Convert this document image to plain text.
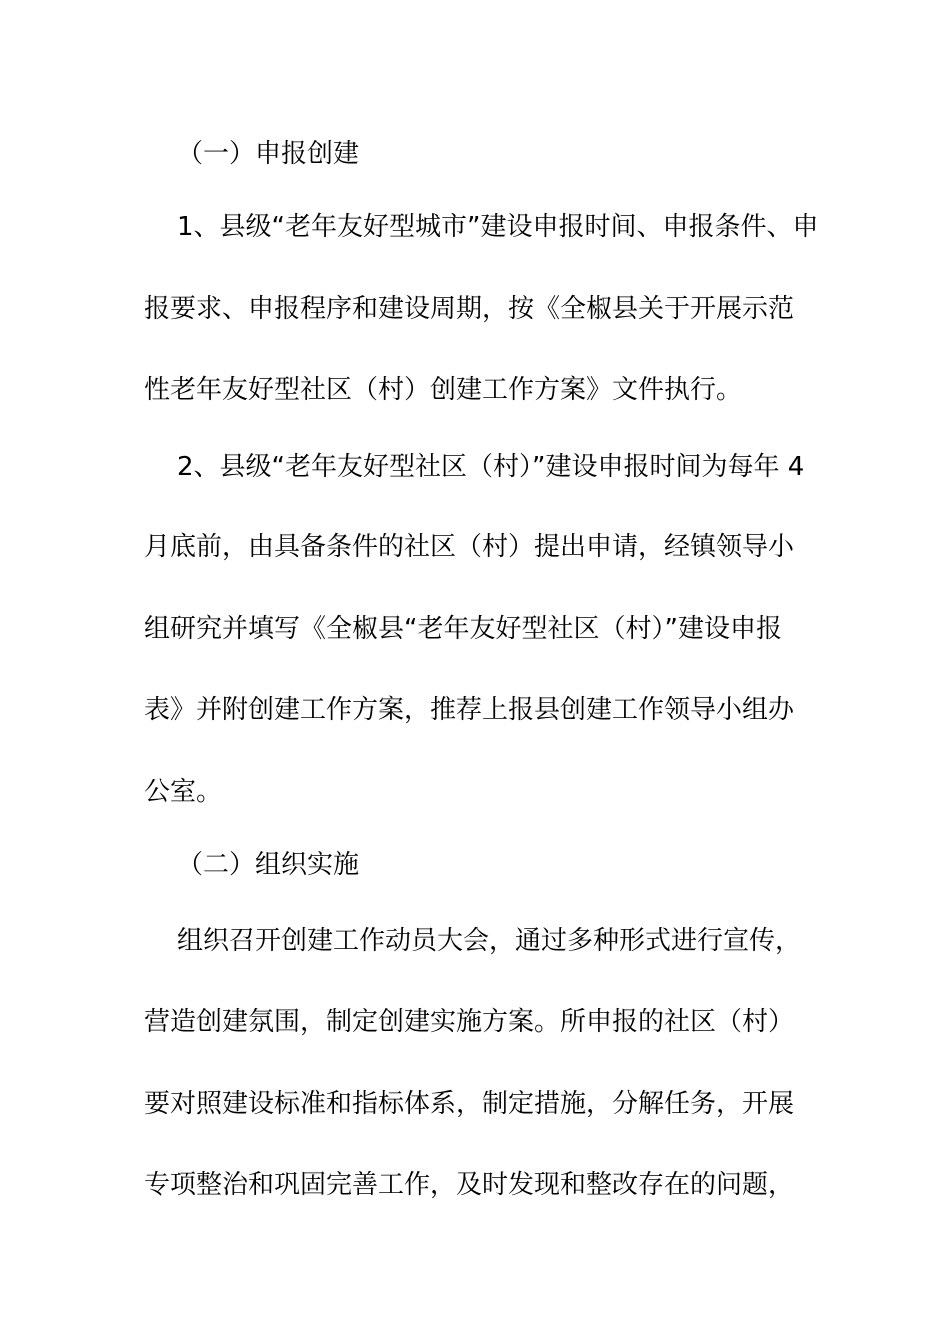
（一）申报创建

1、县级“老年友好型城市”建设申报时间、申报条件、申

报要求、申报程序和建设周期，按《全椒县关于开展示范

性老年友好型社区（村）创建工作方案》文件执行。

2、县级“老年友好型社区（村）”建设申报时间为每年 4

月底前，由具备条件的社区（村）提出申请，经镇领导小

组研究并填写《全椒县“老年友好型社区（村）”建设申报

表》并附创建工作方案，推荐上报县创建工作领导小组办

公室。

（二）组织实施

组织召开创建工作动员大会，通过多种形式进行宣传，

营造创建氛围，制定创建实施方案。所申报的社区（村）

要对照建设标准和指标体系，制定措施，分解任务，开展

专项整治和巩固完善工作，及时发现和整改存在的问题，
